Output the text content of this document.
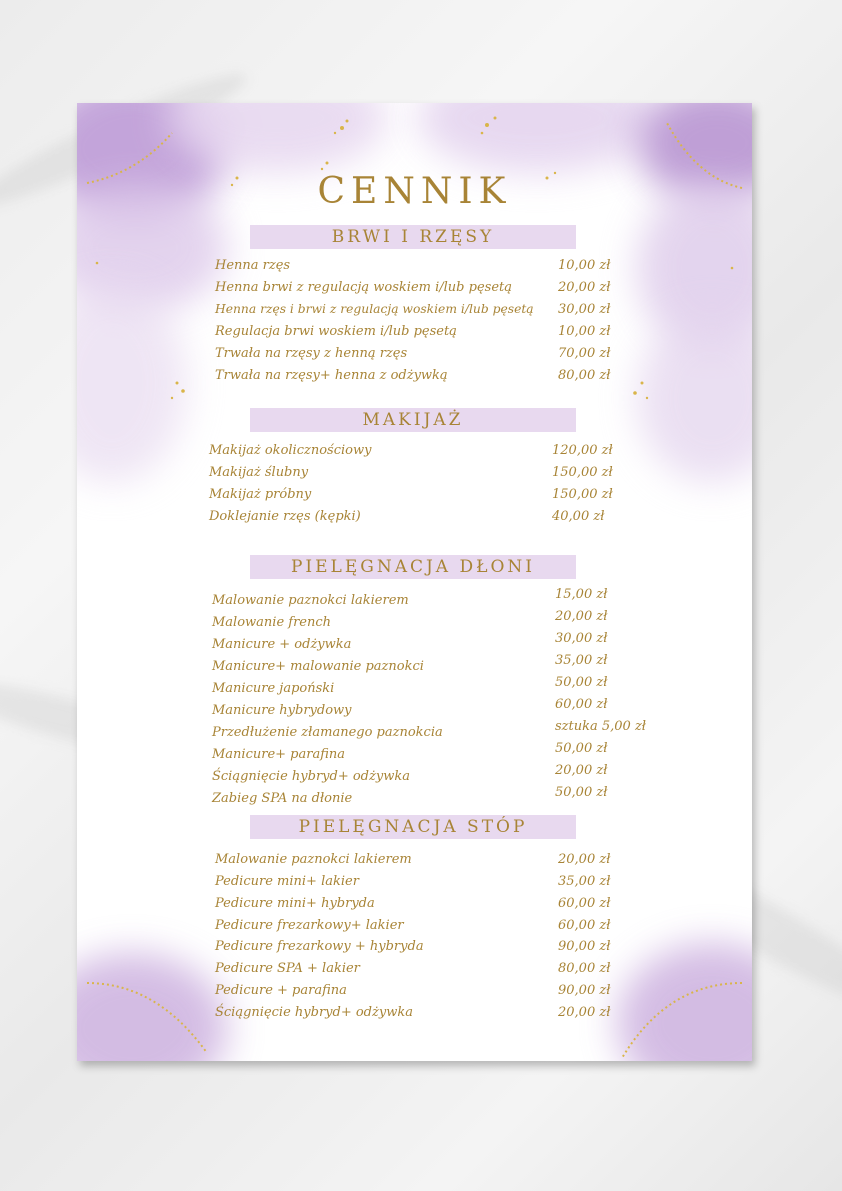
CENNIK
BRWI I RZĘSY
Henna rzęs	10,00 zł
Henna brwi z regulacją woskiem i/lub pęsetą	20,00 zł
Henna rzęs i brwi z regulacją woskiem i/lub pęsetą 30,00 zł
Regulacja brwi woskiem i/lub pęsetą	10,00 zł
Trwała na rzęsy z henną rzęs	70,00 zł
Trwała na rzęsy+ henna z odżywką	80,00 zł
MAKIJAŻ
Makijaż okolicznościowy	120,00 zł
Makijaż ślubny	150,00 zł
Makijaż próbny	150,00 zł
Doklejanie rzęs (kępki)	40,00 zł
PIELĘGNACJA DŁONI
Malowanie paznokci lakierem	15,00 zł
Malowanie french	20,00 zł
Manicure + odżywka	30,00 zł
Manicure+ malowanie paznokci	35,00 zł
Manicure japoński	50,00 zł
Manicure hybrydowy	60,00 zł
Przedłużenie złamanego paznokcia	sztuka 5,00 zł
Manicure+ parafina	50,00 zł
Ściągnięcie hybryd+ odżywka	20,00 zł
Zabieg SPA na dłonie	50,00 zł
PIELĘGNACJA STÓP
Malowanie paznokci lakierem	20,00 zł
Pedicure mini+ lakier	35,00 zł
Pedicure mini+ hybryda	60,00 zł
Pedicure frezarkowy+ lakier	60,00 zł
Pedicure frezarkowy + hybryda	90,00 zł
Pedicure SPA + lakier	80,00 zł
Pedicure + parafina	90,00 zł
Ściągnięcie hybryd+ odżywka	20,00 zł
